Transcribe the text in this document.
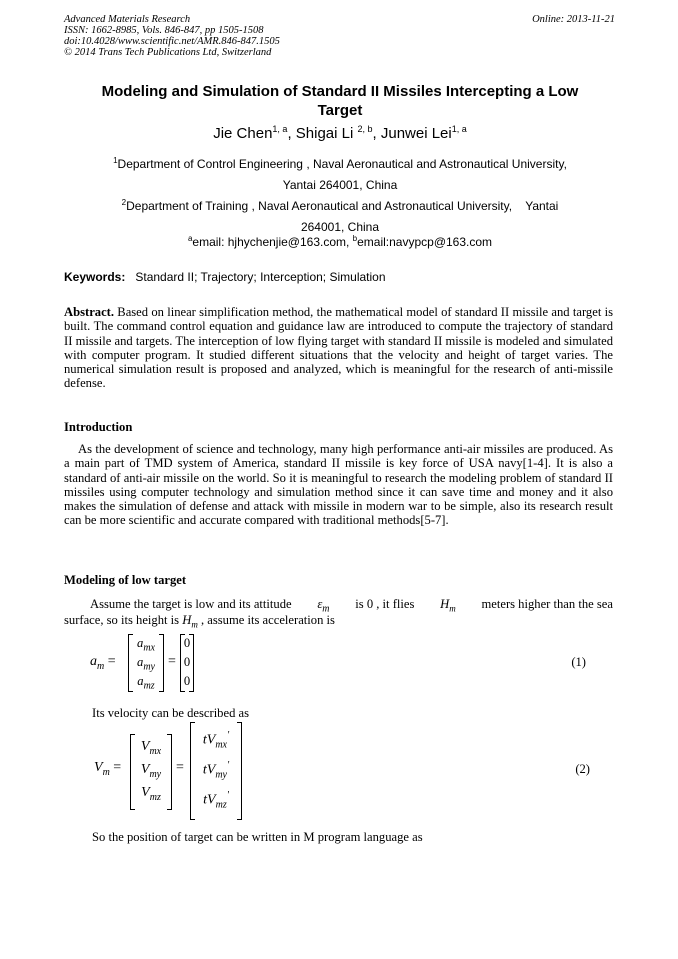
Advanced Materials Research
ISSN: 1662-8985, Vols. 846-847, pp 1505-1508
doi:10.4028/www.scientific.net/AMR.846-847.1505
© 2014 Trans Tech Publications Ltd, Switzerland
Online: 2013-11-21
Modeling and Simulation of Standard II Missiles Intercepting a Low
Target
Jie Chen$^{1, a}$, Shigai Li $^{2, b}$, Junwei Lei$^{1, a}$
$^1$Department of Control Engineering , Naval Aeronautical and Astronautical University,
Yantai 264001, China
$^2$Department of Training , Naval Aeronautical and Astronautical University,    Yantai
264001, China
$^a$email: hjhychenjie@163.com, $^b$email:navypcp@163.com
Keywords: Standard II; Trajectory; Interception; Simulation

Abstract. Based on linear simplification method, the mathematical model of standard II missile and target is built. The command control equation and guidance law are introduced to compute the trajectory of standard II missile and targets. The interception of low flying target with standard II missile is modeled and simulated with computer program. It studied different situations that the velocity and height of target varies. The numerical simulation result is proposed and analyzed, which is meaningful for the research of anti-missile defense.

Introduction

As the development of science and technology, many high performance anti-air missiles are produced. As a main part of TMD system of America, standard II missile is key force of USA navy[1-4]. It is also a standard of anti-air missile on the world. So it is meaningful to research the modeling problem of standard II missiles using computer technology and simulation method since it can save time and money and it also makes the simulation of defense and attack with missile in modern war to be simple, also its research result can be more scientific and accurate compared with traditional methods[5-7].

Modeling of low target
Assume the target is low and its attitude $\varepsilon_m$ is 0 , it flies $H_m$ meters higher than the sea
surface, so its height is $H_m$ , assume its acceleration is
$a_m$ =
$a_{mx}$
$a_{my}$
$a_{mz}$
=
0
0
0
(1)
Its velocity can be described as
$V_m$ =
$V_{mx}$
$V_{my}$
$V_{mz}$
=
$tV_{mx}'$
$tV_{my}'$
$tV_{mz}'$
(2)
So the position of target can be written in M program language as
